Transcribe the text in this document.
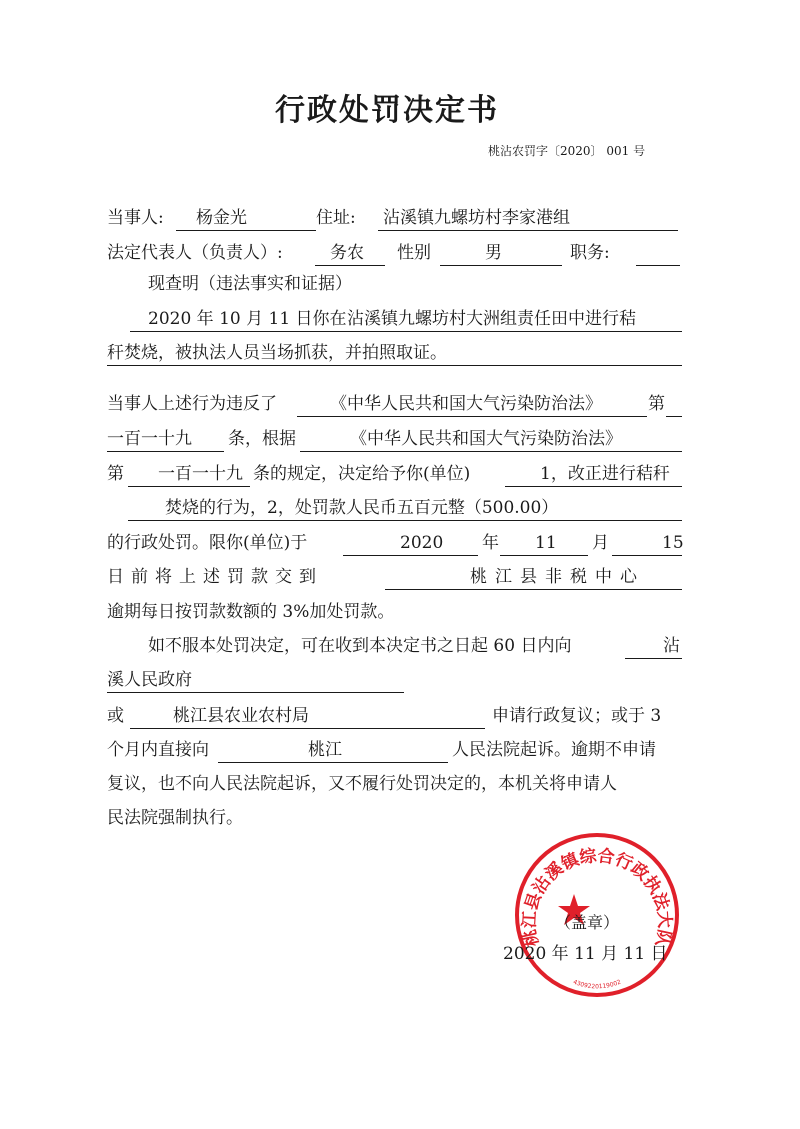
行政处罚决定书
桃沾农罚字〔2020〕 001 号
当事人: 杨金光	住址: 沾溪镇九螺坊村李家港组
法定代表人（负责人）:	务农 性别	男	职务:
现查明（违法事实和证据）
2020 年 10 月 11 日你在 沾溪镇九螺坊村大洲组责任田中进行秸
秆焚烧，被执法人员当场抓获，并拍照取证。
当事人上述行为违反了	《中华人民共和国大气污染防治法》	第
一百一十九 条，根据	《中华人民共和国大气污染防治法》
第 一百一十九 条的规定，决定给予你(单位)	1，改正进行秸秆
焚烧的行为，2，处罚款人民币五百元整（500.00）
的行政处罚。限你(单位)于	2020 年 11 月	15
日前将上述罚款交到	桃江县非税中心
逾期每日按罚款数额的 3%加处罚款。
如不服本处罚决定，可在收到本决定书之日起 60 日内向	沾
溪人民政府
或	桃江县农业农村局	申请行政复议；或于 3
个月内直接向	桃江	人民法院起诉。逾期不申请
复议，也不向人民法院起诉，又不履行处罚决定的，本机关将申请人
民法院强制执行。
桃江县沾溪镇综合行政执法大队
4309220119002
（盖章）
2020 年 11 月 11 日
